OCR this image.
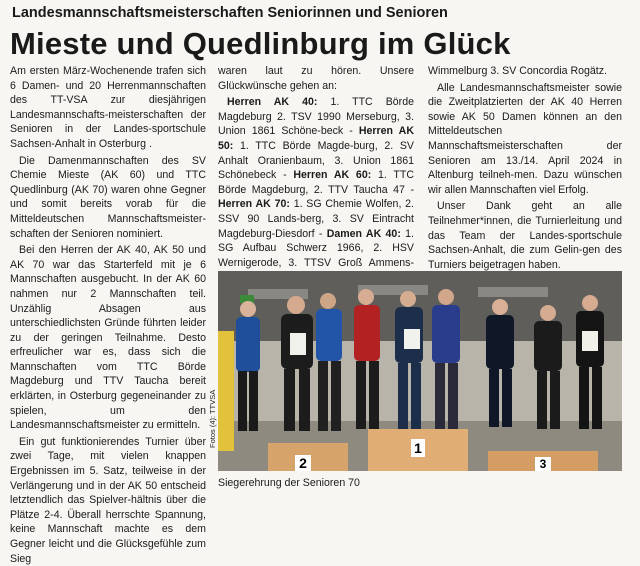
Landesmannschaftsmeisterschaften Seniorinnen und Senioren
Mieste und Quedlinburg im Glück

Am ersten März-Wochenende trafen sich 6 Damen- und 20 Herrenmannschaften des TT-VSA zur diesjährigen Landesmannschafts-meisterschaften der Senioren in der Landes-sportschule Sachsen-Anhalt in Osterburg .

Die Damenmannschaften des SV Chemie Mieste (AK 60) und TTC Quedlinburg (AK 70) waren ohne Gegner und somit bereits vorab für die Mitteldeutschen Mannschaftsmeister-schaften der Senioren nominiert.

Bei den Herren der AK 40, AK 50 und AK 70 war das Starterfeld mit je 6 Mannschaften ausgebucht. In der AK 60 nahmen nur 2 Mannschaften teil. Unzählig Absagen aus unterschiedlichsten Gründe führten leider zu der geringen Teilnahme. Desto erfreulicher war es, dass sich die Mannschaften vom TTC Börde Magdeburg und TTV Taucha bereit erklärten, in Osterburg gegeneinander zu spielen, um den Landesmannschaftsmeister zu ermitteln.

Ein gut funktionierendes Turnier über zwei Tage, mit vielen knappen Ergebnissen im 5. Satz, teilweise in der Verlängerung und in der AK 50 entscheid letztendlich das Spielver-hältnis über die Plätze 2-4. Überall herrschte Spannung, keine Mannschaft machte es dem Gegner leicht und die Glücksgefühle zum Sieg

waren laut zu hören. Unsere Glückwünsche gehen an:

Herren AK 40: 1. TTC Börde Magdeburg 2. TSV 1990 Merseburg, 3. Union 1861 Schöne-beck - Herren AK 50: 1. TTC Börde Magde-burg, 2. SV Anhalt Oranienbaum, 3. Union 1861 Schönebeck - Herren AK 60: 1. TTC Börde Magdeburg, 2. TTV Taucha 47 - Herren AK 70: 1. SG Chemie Wolfen, 2. SSV 90 Lands-berg, 3. SV Eintracht Magdeburg-Diesdorf - Damen AK 40: 1. SG Aufbau Schwerz 1966, 2. HSV Wernigerode, 3. TTSV Groß Ammens-

Wimmelburg 3. SV Concordia Rogätz.

Alle Landesmannschaftsmeister sowie die Zweitplatzierten der AK 40 Herren sowie AK 50 Damen können an den Mitteldeutschen Mannschaftsmeisterschaften der Senioren am 13./14. April 2024 in Altenburg teilneh-men. Dazu wünschen wir allen Mannschaften viel Erfolg.

Unser Dank geht an alle Teilnehmer*innen, die Turnierleitung und das Team der Landes-sportschule Sachsen-Anhalt, die zum Gelin-gen des Turniers beigetragen haben.

2
1
3
Fotos (4): TTVSA
Siegerehrung der Senioren 70
